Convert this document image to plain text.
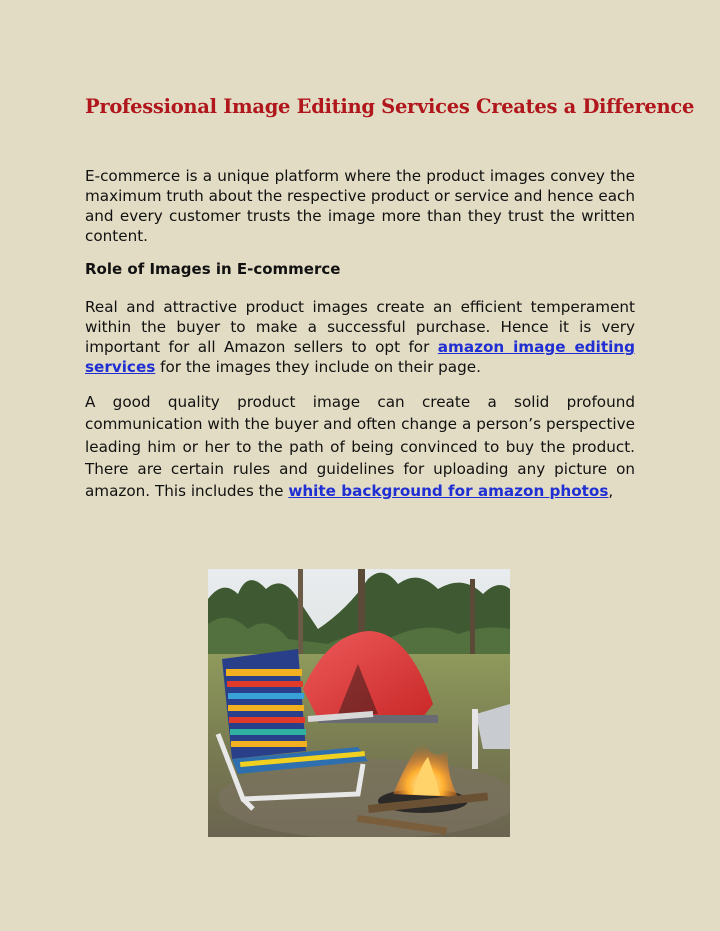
Professional Image Editing Services Creates a Difference
E-commerce is a unique platform where the product images convey the maximum truth about the respective product or service and hence each and every customer trusts the image more than they trust the written content.
Role of Images in E-commerce
Real and attractive product images create an efficient temperament within the buyer to make a successful purchase. Hence it is very important for all Amazon sellers to opt for amazon image editing services for the images they include on their page.
A good quality product image can create a solid profound communication with the buyer and often change a person’s perspective leading him or her to the path of being convinced to buy the product. There are certain rules and guidelines for uploading any picture on amazon. This includes the white background for amazon photos,
